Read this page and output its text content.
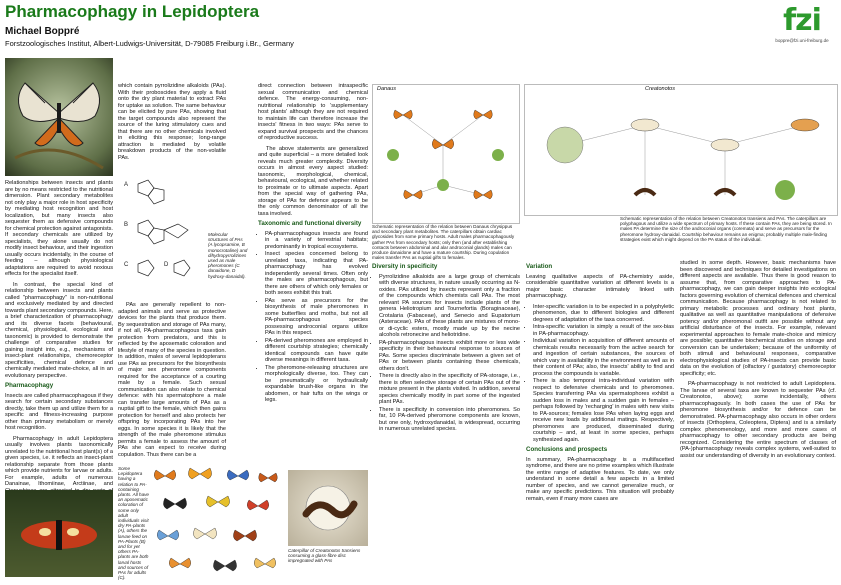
Pharmacophagy in Lepidoptera
Michael Boppré
Forstzoologisches Institut, Albert-Ludwigs-Universität, D-79085 Freiburg i.Br., Germany
fzi
boppre@fzi.uni-freiburg.de

Relationships between insects and plants are by no means restricted to the nutritional dimension. Plant secondary metabolites not only play a major role in host specificity by mediating host recognition and host localization, but many insects also sequester them as defensive compounds for chemical protection against antagonists. If secondary chemicals are utilized by specialists, they alone usually do not modify insect behaviour, and their ingestion usually occurs incidentally, in the course of feeding – although physiological adaptations are required to avoid noxious effects for the specialist itself.

In contrast, the special kind of relationship between insects and plants called "pharmacophagy" is non-nutritional and exclusively mediated by and directed towards plant secondary compounds. Here, a brief characterization of pharmacophagy and its diverse facets (behavioural, chemical, physiological, ecological and taxonomic) is provided to demonstrate the challenge of comparative studies for gaining insight into, e.g., mechanisms of insect-plant relationships, chemoreceptor specificities, chemical defence and chemically mediated mate-choice, all in an evolutionary perspective.

Pharmacophagy

Insects are called pharmacophagous if they search for certain secondary substances directly, take them up and utilize them for a specific and fitness-increasing purpose other than primary metabolism or merely host recognition.

Pharmacophagy in adult Lepidoptera usually involves plants taxonomically unrelated to the nutritional host plant(s) of a given species, i.e. it reflects an insect-plant relationship separate from those plants which provide nutrients for larvae or adults. For example, adults of numerous Danainae, Ithomiinae, Arctiinae, and

which contain pyrrolizidine alkaloids (PAs). With their proboscides they apply a fluid onto the dry plant material to extract PAs for uptake as solution. The same behaviour can be elicited by pure PAs, showing that the target compounds also represent the source of the luring stimulatory cues and that there are no other chemicals involved in eliciting this response; long-range attraction is mediated by volatile breakdown products of the non-volatile PAs.

A
B
C	D
Molecular structures of PAs (A lycopsamine, B monocrotaline) and dihydropyrrolizines used as male pheromones (C danaidone, D hydroxy-danaidal).

PAs are generally repellent to non-adapted animals and serve as protective devices for the plants that produce them. By sequestration and storage of PAs many, if not all, PA-pharmacophagous taxa gain protection from predators, and this is reflected by the aposematic coloration and lifestyle of many of the species in question. In addition, males of several lepidopterans use PAs as precursors for the biosynthesis of major sex pheromone components required for the acceptance of a courting male by a female. Such sexual communication can also relate to chemical defence: with his spermatophore a male can transfer large amounts of PAs as a nuptial gift to the female, which then gains protection for herself and also protects her offspring by incorporating PAs into her eggs. In some species it is likely that the strength of the male pheromone stimulus permits a female to assess the amount of PAs she can expect to receive during copulation. Thus there can be a

Some Lepidoptera having a relation to PA-containing plants. All have an aposematic coloration of some only adult individuals visit dry PA-plants (A), others the larvae feed on PA-Plants (B) and for yet others PA-plants are both larval hosts and sources of PAs for adults (C).

direct connection between intraspecific sexual communication and chemical defence. The energy-consuming, non-nutritional relationship to 'supplementary host plants' although they are not required to maintain life can therefore increase the insects' fitness in two ways: PAs serve to expand survival prospects and the chances of reproductive success.

The above statements are generalized and quite superficial – a more detailed look reveals much greater complexity. Diversity occurs in almost every aspect studied: taxonomic, morphological, chemical, behavioural, ecological, and whether related to proximate or to ultimate aspects. Apart from the special way of gathering PAs, storage of PAs for defence appears to be the only common denominator of all the taxa involved.

Taxonomic and functional diversity
• PA-pharmacophagous insects are found in a variety of terrestrial habitats; predominantly in tropical ecosystems.
• Insect species concerned belong to unrelated taxa, indicating that PA-pharmacophagy has evolved independently several times. Often only the males are pharmacophagous, but there are others of which only females or both sexes exhibit this trait.
• PAs serve as precursors for the biosynthesis of male pheromones in some butterflies and moths, but not all PA-pharmacophagous species possessing androconial organs utilize PAs in this respect.
• PA-derived pheromones are employed in different courtship strategies; chemically identical compounds can have quite diverse meanings in different taxa.
• The pheromone-releasing structures are morphologically diverse, too. They can be pneumatically or hydraulically expandable brush-like organs in the abdomen, or hair tufts on the wings or legs.
Caterpillar of Creatonotos transiens consuming a glass-fibre disc impregnated with PAs
Danaus
Schematic representation of the relation between Danaus chrysippus and secondary plant metabolites. The caterpillars obtain cardiac glycosides from some primary hosts. Adult males pharmacophagously gather PAs from secondary hosts; only then (and after establishing contacts between abdominal and alar androconial glands) males can produce danaidone and have a mature courtship. During copulation males transfer PAs as nuptial gifts to females.
Creatonotos
Schematic representation of the relation between Creatonotos transiens and PAs. The caterpillars are polyphagous and utilize a wide spectrum of primary hosts. If these contain PAs, they are being stored. In males PA determine the size of the androconial organs (coremata) and serve as precursors for the pheromone hydroxy-danaidal. Courtship behaviour remains an enigma; probably multiple male-finding strategies exist which might depend on the PA status of the individual.
Diversity in specificity
• Pyrrolizidine alkaloids are a large group of chemicals with diverse structures, in nature usually occurring as N-oxides. PAs utilized by insects represent only a fraction of the compounds which chemists call PAs. The most relevant PA sources for insects include plants of the genera Heliotropium and Tournefortia (Boraginaceae), Crotalaria (Fabaceae), and Senecio and Eupatorium (Asteraceae). PAs of these plants are mixtures of mono- or di-cyclic esters, mostly made up by the necine alcohols retronecine and heliotridine.
• PA-pharmacophagous insects exhibit more or less wide specificity in their behavioural response to sources of PAs. Some species discriminate between a given set of PAs or between plants containing these chemicals, others don't.
• There is directly also in the specificity of PA-storage, i.e., there is often selective storage of certain PAs out of the mixture present in the plants visited. In addition, several species chemically modify in part some of the ingested plant PAs.
• There is specificity in conversion into pheromones. So far, 10 PA-derived pheromone components are known, but one only, hydroxydanaidal, is widespread, occurring in numerous unrelated species.
Variation

Leaving qualitative aspects of PA-chemistry aside, considerable quantitative variation at different levels is a major basic character intimately linked with pharmacophagy.

• Inter-specific variation is to be expected in a polyphyletic phenomenon, due to different biologies and different degrees of adaptation of the taxa concerned.
• Intra-specific variation is simply a result of the sex-bias in PA-pharmacophagy.
• Individual variation in acquisition of different amounts of chemicals results necessarily from the active search for and ingestion of certain substances, the sources of which vary in availability in the environment as well as in their content of PAs; also, the insects' ability to find and process the compounds is variable.
• There is also temporal intra-individual variation with respect to defensive chemicals and to pheromones. Species transferring PAs via spermatophores exhibit a sudden loss in males and a sudden gain in females – perhaps followed by 'recharging' in males with new visits to PA-sources; females lose PAs when laying eggs and receive new loads by additional matings. Respectively, pheromones are produced, disseminated during courtship – and, at least in some species, perhaps synthesized again.
Conclusions and prospects

In summary, PA-pharmacophagy is a multifacetted syndrome, and there are no prime examples which illustrate the entire range of adaptive features. To date, we only understand in some detail a few aspects in a limited number of species, and we cannot generalize much, or make any specific predictions. This situation will probably remain, even if many more cases are

studied in some depth. However, basic mechanisms have been discovered and techniques for detailed investigations on different aspects are available. Thus there is good reason to assume that, from comparative approaches to PA-pharmacophagy, we can gain deeper insights into ecological factors governing evolution of chemical defences and chemical communication. Because pharmacophagy is not related to primary metabolic processes and ordinary host plants, qualitative as well as quantitative manipulations of defensive potency and/or pheromonal outfit are possible without any artificial disturbance of the insects. For example, relevant experimental approaches to female mate-choice and mimicry are possible; quantitative biochemical studies on storage and conversion can be undertaken; because of the uniformity of both stimuli and behavioural responses, comparative electrophysiological studies of PA-insects can provide basic data on the evolution of (olfactory / gustatory) chemoreceptor specificity; etc.

PA-pharmacophagy is not restricted to adult Lepidoptera. The larvae of several taxa are known to sequester PAs (cf. Creatonotos, above); some incidentally, others pharmacophagously. In both cases the use of PAs for pheromone biosynthesis and/or for defence can be demonstrated. PA-pharmacophagy also occurs in other orders of insects (Orthoptera, Coleoptera, Diptera) and is a similarly complex phenomenology, and more and more cases of pharmacophagy to other secondary products are being recognized. Considering the entire spectrum of classes of (PA-)pharmacophagy reveals complex systems, well-suited to assist our understanding of diversity in an evolutionary context.
